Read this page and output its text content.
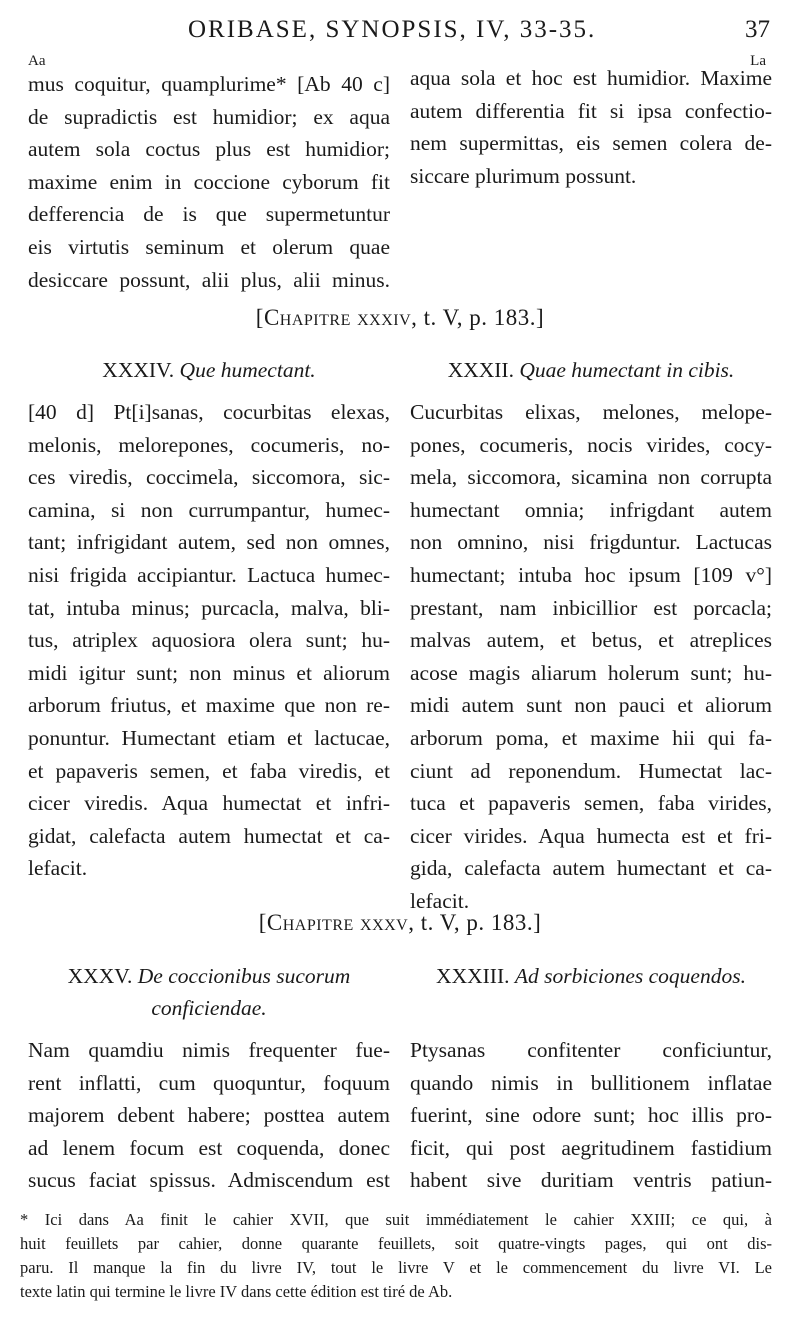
ORIBASE, SYNOPSIS, IV, 33-35.	37
Aa	La
mus coquitur, quamplurime* [Ab 40 c]
de supradictis est humidior; ex aqua
autem sola coctus plus est humidior;
maxime enim in coccione cyborum fit
defferencia de is que supermetuntur
eis virtutis seminum et olerum quae
desiccare possunt, alii plus, alii minus.
aqua sola et hoc est humidior. Maxime
autem differentia fit si ipsa confectio-
nem supermittas, eis semen colera de-
siccare plurimum possunt.
[Chapitre xxxiv, t. V, p. 183.]
XXXIV. Que humectant.	XXXII. Quae humectant in cibis.
[40 d] Pt[i]sanas, cocurbitas elexas,
melonis, melorepones, cocumeris, no-
ces viredis, coccimela, siccomora, sic-
camina, si non currumpantur, humec-
tant; infrigidant autem, sed non omnes,
nisi frigida accipiantur. Lactuca humec-
tat, intuba minus; purcacla, malva, bli-
tus, atriplex aquosiora olera sunt; hu-
midi igitur sunt; non minus et aliorum
arborum friutus, et maxime que non re-
ponuntur. Humectant etiam et lactucae,
et papaveris semen, et faba viredis, et
cicer viredis. Aqua humectat et infri-
gidat, calefacta autem humectat et ca-
lefacit.
Cucurbitas elixas, melones, melope-
pones, cocumeris, nocis virides, cocy-
mela, siccomora, sicamina non corrupta
humectant omnia; infrigdant autem
non omnino, nisi frigduntur. Lactucas
humectant; intuba hoc ipsum [109 v°]
prestant, nam inbicillior est porcacla;
malvas autem, et betus, et atreplices
acose magis aliarum holerum sunt; hu-
midi autem sunt non pauci et aliorum
arborum poma, et maxime hii qui fa-
ciunt ad reponendum. Humectat lac-
tuca et papaveris semen, faba virides,
cicer virides. Aqua humecta est et fri-
gida, calefacta autem humectant et ca-
lefacit.
[Chapitre xxxv, t. V, p. 183.]
XXXV. De coccionibus sucorum
conficiendae.
XXXIII. Ad sorbiciones coquendos.
Nam quamdiu nimis frequenter fue-
rent inflatti, cum quoquntur, foquum
majorem debent habere; posttea autem
ad lenem focum est coquenda, donec
sucus faciat spissus. Admiscendum est
Ptysanas confitenter conficiuntur,
quando nimis in bullitionem inflatae
fuerint, sine odore sunt; hoc illis pro-
ficit, qui post aegritudinem fastidium
habent sive duritiam ventris patiun-
* Ici dans Aa finit le cahier XVII, que suit immédiatement le cahier XXIII; ce qui, à
huit feuillets par cahier, donne quarante feuillets, soit quatre-vingts pages, qui ont dis-
paru. Il manque la fin du livre IV, tout le livre V et le commencement du livre VI. Le
texte latin qui termine le livre IV dans cette édition est tiré de Ab.
